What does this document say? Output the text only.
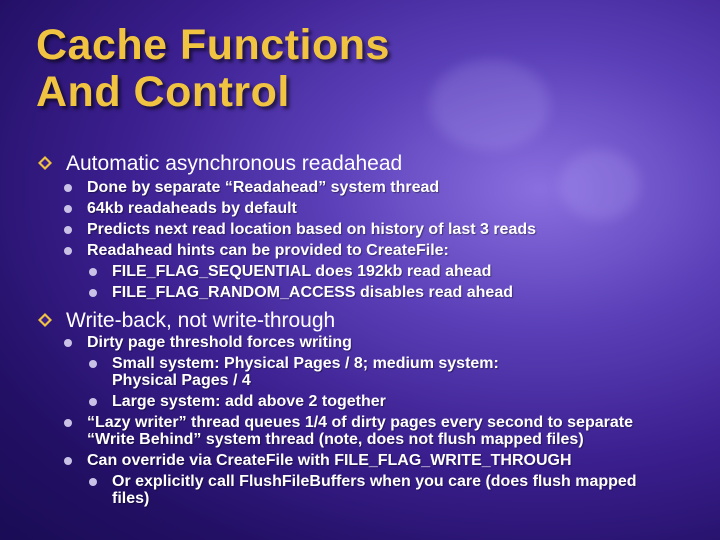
Cache Functions
And Control
Automatic asynchronous readahead
Done by separate “Readahead” system thread
64kb readaheads by default
Predicts next read location based on history of last 3 reads
Readahead hints can be provided to CreateFile:
FILE_FLAG_SEQUENTIAL does 192kb read ahead
FILE_FLAG_RANDOM_ACCESS disables read ahead
Write-back, not write-through
Dirty page threshold forces writing
Small system: Physical Pages / 8; medium system: Physical Pages / 4
Large system: add above 2 together
“Lazy writer” thread queues 1/4 of dirty pages every second to separate “Write Behind” system thread (note, does not flush mapped files)
Can override via CreateFile with FILE_FLAG_WRITE_THROUGH
Or explicitly call FlushFileBuffers when you care (does flush mapped files)
